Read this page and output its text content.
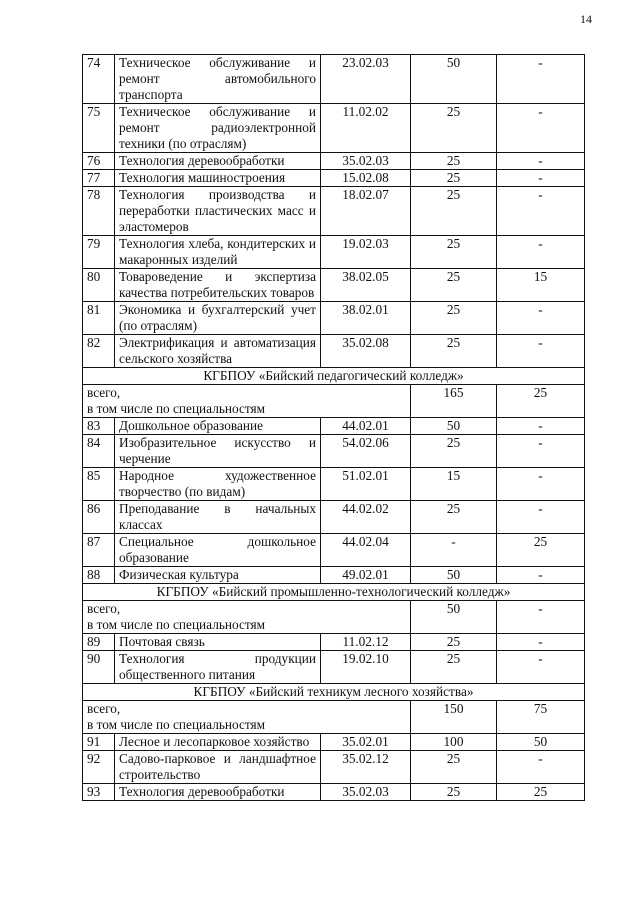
14
74	Техническое обслуживание и ремонт автомобильного транспорта	23.02.03	50	-
75	Техническое обслуживание и ремонт радиоэлектронной техники (по отраслям)	11.02.02	25	-
76	Технология деревообработки	35.02.03	25	-
77	Технология машиностроения	15.02.08	25	-
78	Технология производства и переработки пластических масс и эластомеров	18.02.07	25	-
79	Технология хлеба, кондитерских и макаронных изделий	19.02.03	25	-
80	Товароведение и экспертиза качества потребительских товаров	38.02.05	25	15
81	Экономика и бухгалтерский учет (по отраслям)	38.02.01	25	-
82	Электрификация и автоматизация сельского хозяйства	35.02.08	25	-
КГБПОУ «Бийский педагогический колледж»				

всего,
в том числе по специальностям			165	25
83	Дошкольное образование	44.02.01	50	-
84	Изобразительное искусство и черчение	54.02.06	25	-
85	Народное художественное творчество (по видам)	51.02.01	15	-
86	Преподавание в начальных классах	44.02.02	25	-
87	Специальное дошкольное образование	44.02.04	-	25
88	Физическая культура	49.02.01	50	-
КГБПОУ «Бийский промышленно-технологический колледж»				

всего,
в том числе по специальностям			50	-
89	Почтовая связь	11.02.12	25	-
90	Технология продукции общественного питания	19.02.10	25	-
КГБПОУ «Бийский техникум лесного хозяйства»				

всего,
в том числе по специальностям			150	75
91	Лесное и лесопарковое хозяйство	35.02.01	100	50
92	Садово-парковое и ландшафтное строительство	35.02.12	25	-
93	Технология деревообработки	35.02.03	25	25
